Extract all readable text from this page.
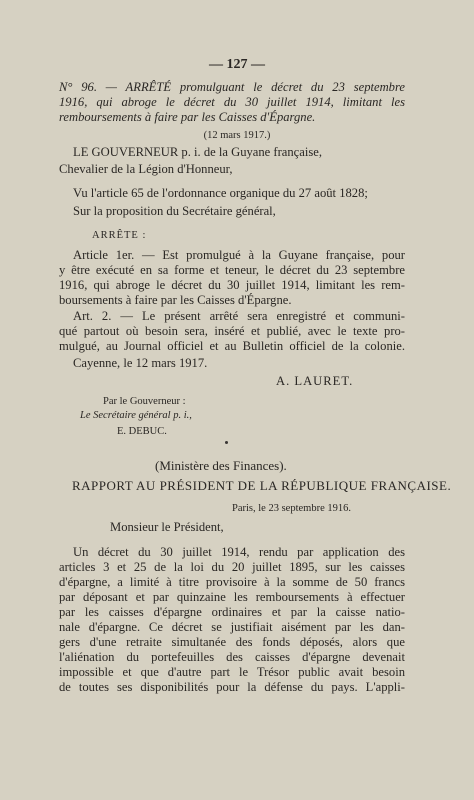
— 127 —
N° 96. — ARRÊTÉ promulguant le décret du 23 septembre
1916, qui abroge le décret du 30 juillet 1914, limitant les
remboursements à faire par les Caisses d'Épargne.
(12 mars 1917.)
LE GOUVERNEUR p. i. de la Guyane française,
Chevalier de la Légion d'Honneur,
Vu l'article 65 de l'ordonnance organique du 27 août 1828;
Sur la proposition du Secrétaire général,
ARRÊTE :
Article 1er. — Est promulgué à la Guyane française, pour
y être exécuté en sa forme et teneur, le décret du 23 septembre
1916, qui abroge le décret du 30 juillet 1914, limitant les rem-
boursements à faire par les Caisses d'Épargne.
Art. 2. — Le présent arrêté sera enregistré et communi-
qué partout où besoin sera, inséré et publié, avec le texte pro-
mulgué, au Journal officiel et au Bulletin officiel de la colonie.
Cayenne, le 12 mars 1917.
A. LAURET.
Par le Gouverneur :
Le Secrétaire général p. i.,
E. DEBUC.
(Ministère des Finances).
RAPPORT AU PRÉSIDENT DE LA RÉPUBLIQUE FRANÇAISE.
Paris, le 23 septembre 1916.
Monsieur le Président,
Un décret du 30 juillet 1914, rendu par application des
articles 3 et 25 de la loi du 20 juillet 1895, sur les caisses
d'épargne, a limité à titre provisoire à la somme de 50 francs
par déposant et par quinzaine les remboursements à effectuer
par les caisses d'épargne ordinaires et par la caisse natio-
nale d'épargne. Ce décret se justifiait aisément par les dan-
gers d'une retraite simultanée des fonds déposés, alors que
l'aliénation du portefeuilles des caisses d'épargne devenait
impossible et que d'autre part le Trésor public avait besoin
de toutes ses disponibilités pour la défense du pays. L'appli-
